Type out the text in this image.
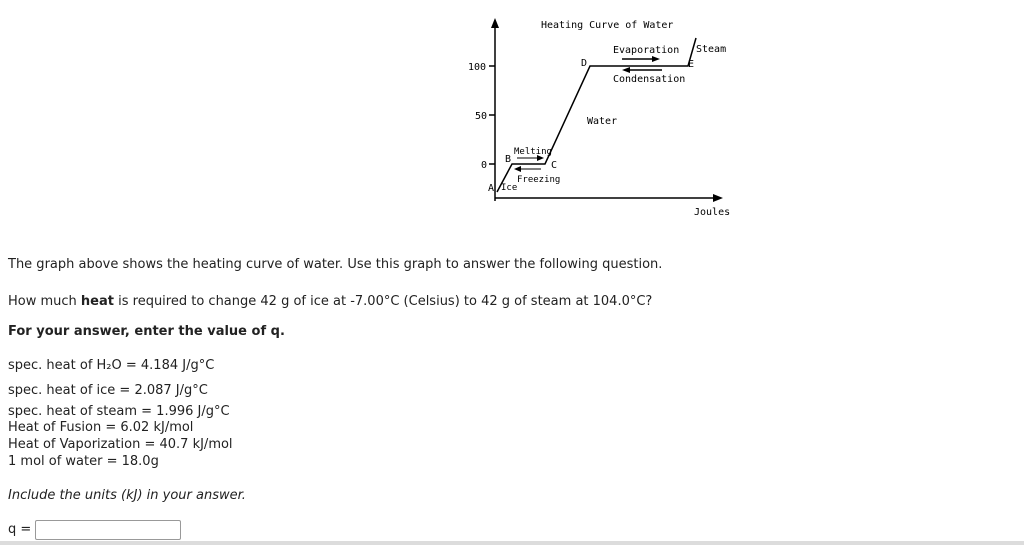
Heating Curve of Water
100
50
0
Joules
A
B
C
D	E
Ice
Melting
Freezing
Water
Evaporation
Condensation
Steam
The graph above shows the heating curve of water. Use this graph to answer the following question.
How much heat is required to change 42 g of ice at -7.00°C (Celsius) to 42 g of steam at 104.0°C?
For your answer, enter the value of q.
spec. heat of H₂O = 4.184 J/g°C
spec. heat of ice = 2.087 J/g°C
spec. heat of steam = 1.996 J/g°C
Heat of Fusion = 6.02 kJ/mol
Heat of Vaporization = 40.7 kJ/mol
1 mol of water = 18.0g
Include the units (kJ) in your answer.
q =
